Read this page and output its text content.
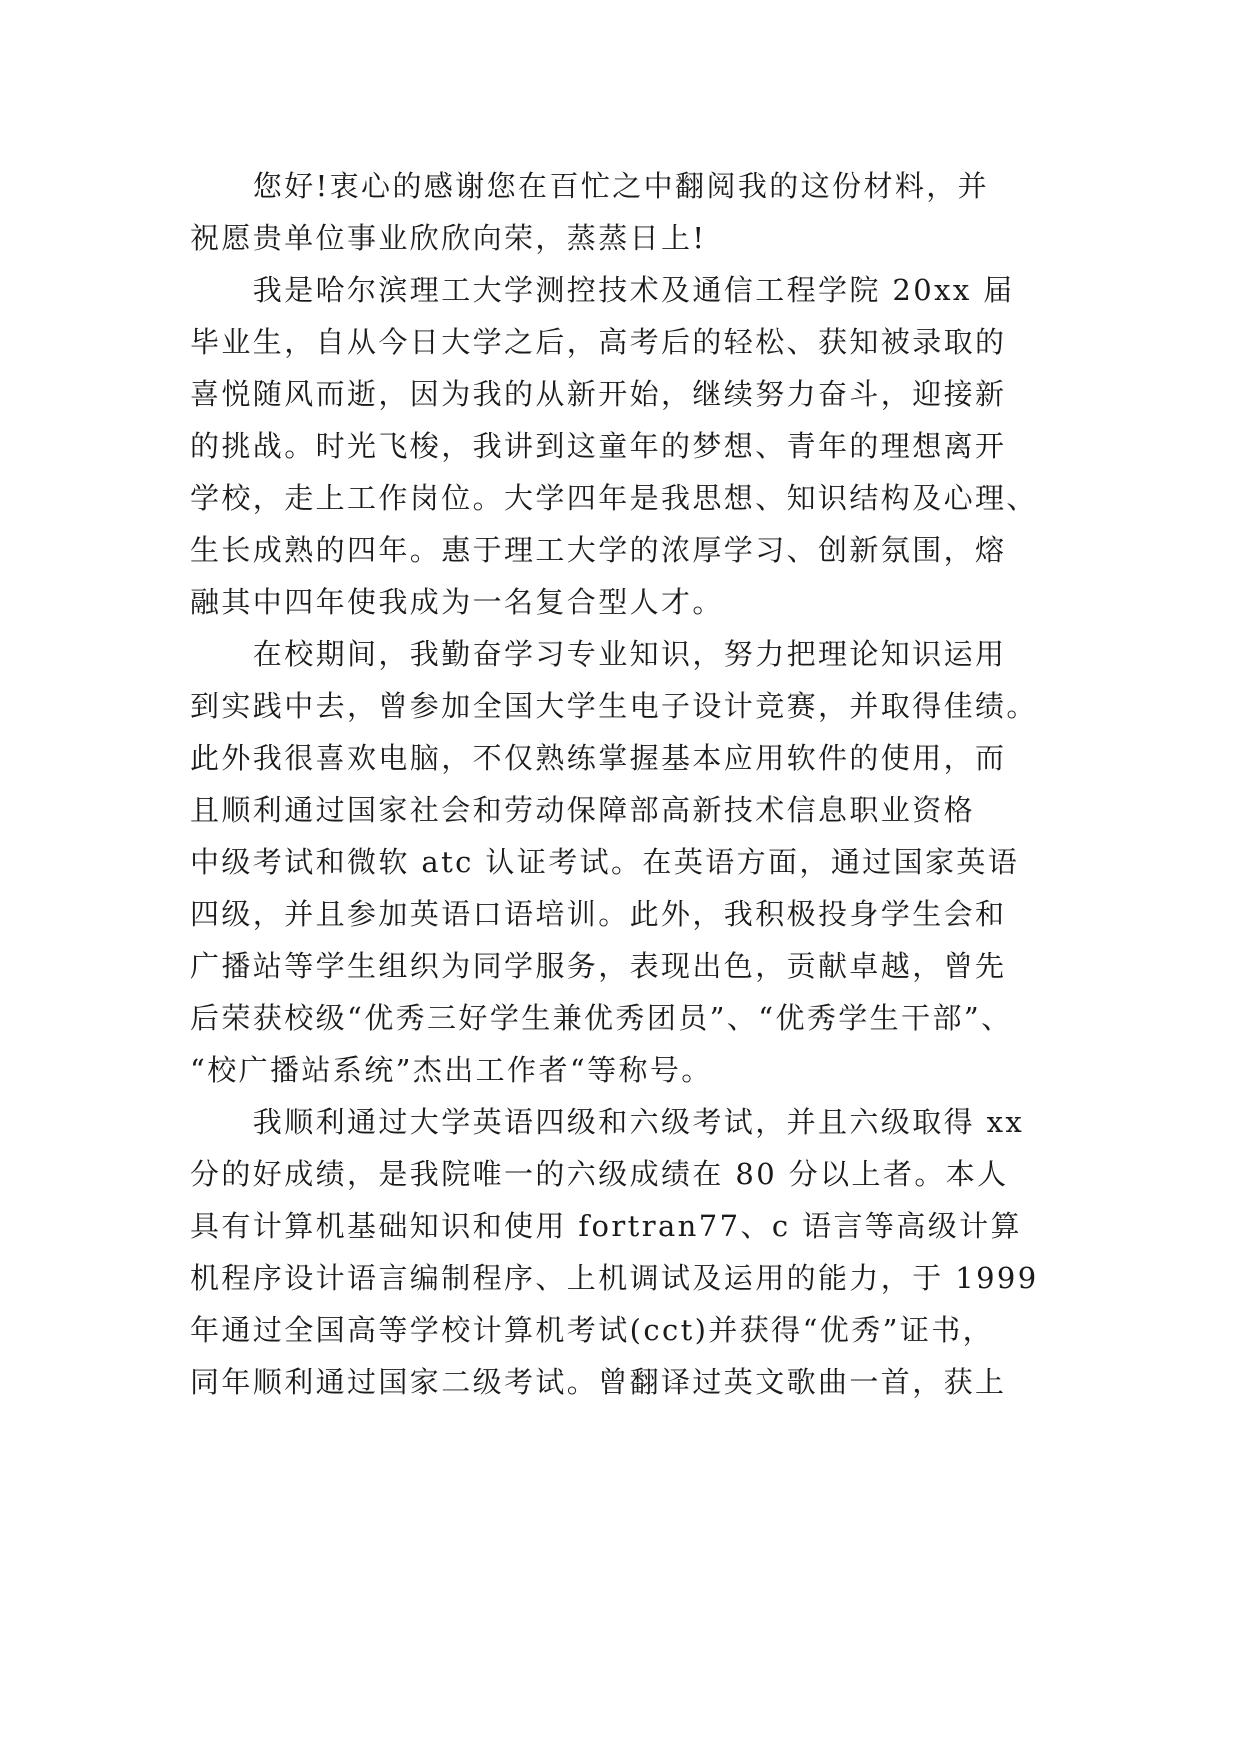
　　您好!衷心的感谢您在百忙之中翻阅我的这份材料，并
祝愿贵单位事业欣欣向荣，蒸蒸日上!
　　我是哈尔滨理工大学测控技术及通信工程学院 20xx 届
毕业生，自从今日大学之后，高考后的轻松、获知被录取的
喜悦随风而逝，因为我的从新开始，继续努力奋斗，迎接新
的挑战。时光飞梭，我讲到这童年的梦想、青年的理想离开
学校，走上工作岗位。大学四年是我思想、知识结构及心理、
生长成熟的四年。惠于理工大学的浓厚学习、创新氛围，熔
融其中四年使我成为一名复合型人才。
　　在校期间，我勤奋学习专业知识，努力把理论知识运用
到实践中去，曾参加全国大学生电子设计竞赛，并取得佳绩。
此外我很喜欢电脑，不仅熟练掌握基本应用软件的使用，而
且顺利通过国家社会和劳动保障部高新技术信息职业资格
中级考试和微软 atc 认证考试。在英语方面，通过国家英语
四级，并且参加英语口语培训。此外，我积极投身学生会和
广播站等学生组织为同学服务，表现出色，贡献卓越，曾先
后荣获校级“优秀三好学生兼优秀团员”、“优秀学生干部”、
“校广播站系统”杰出工作者“等称号。
　　我顺利通过大学英语四级和六级考试，并且六级取得 xx
分的好成绩，是我院唯一的六级成绩在 80 分以上者。本人
具有计算机基础知识和使用 fortran77、c 语言等高级计算
机程序设计语言编制程序、上机调试及运用的能力，于 1999
年通过全国高等学校计算机考试(cct)并获得“优秀”证书，
同年顺利通过国家二级考试。曾翻译过英文歌曲一首，获上
